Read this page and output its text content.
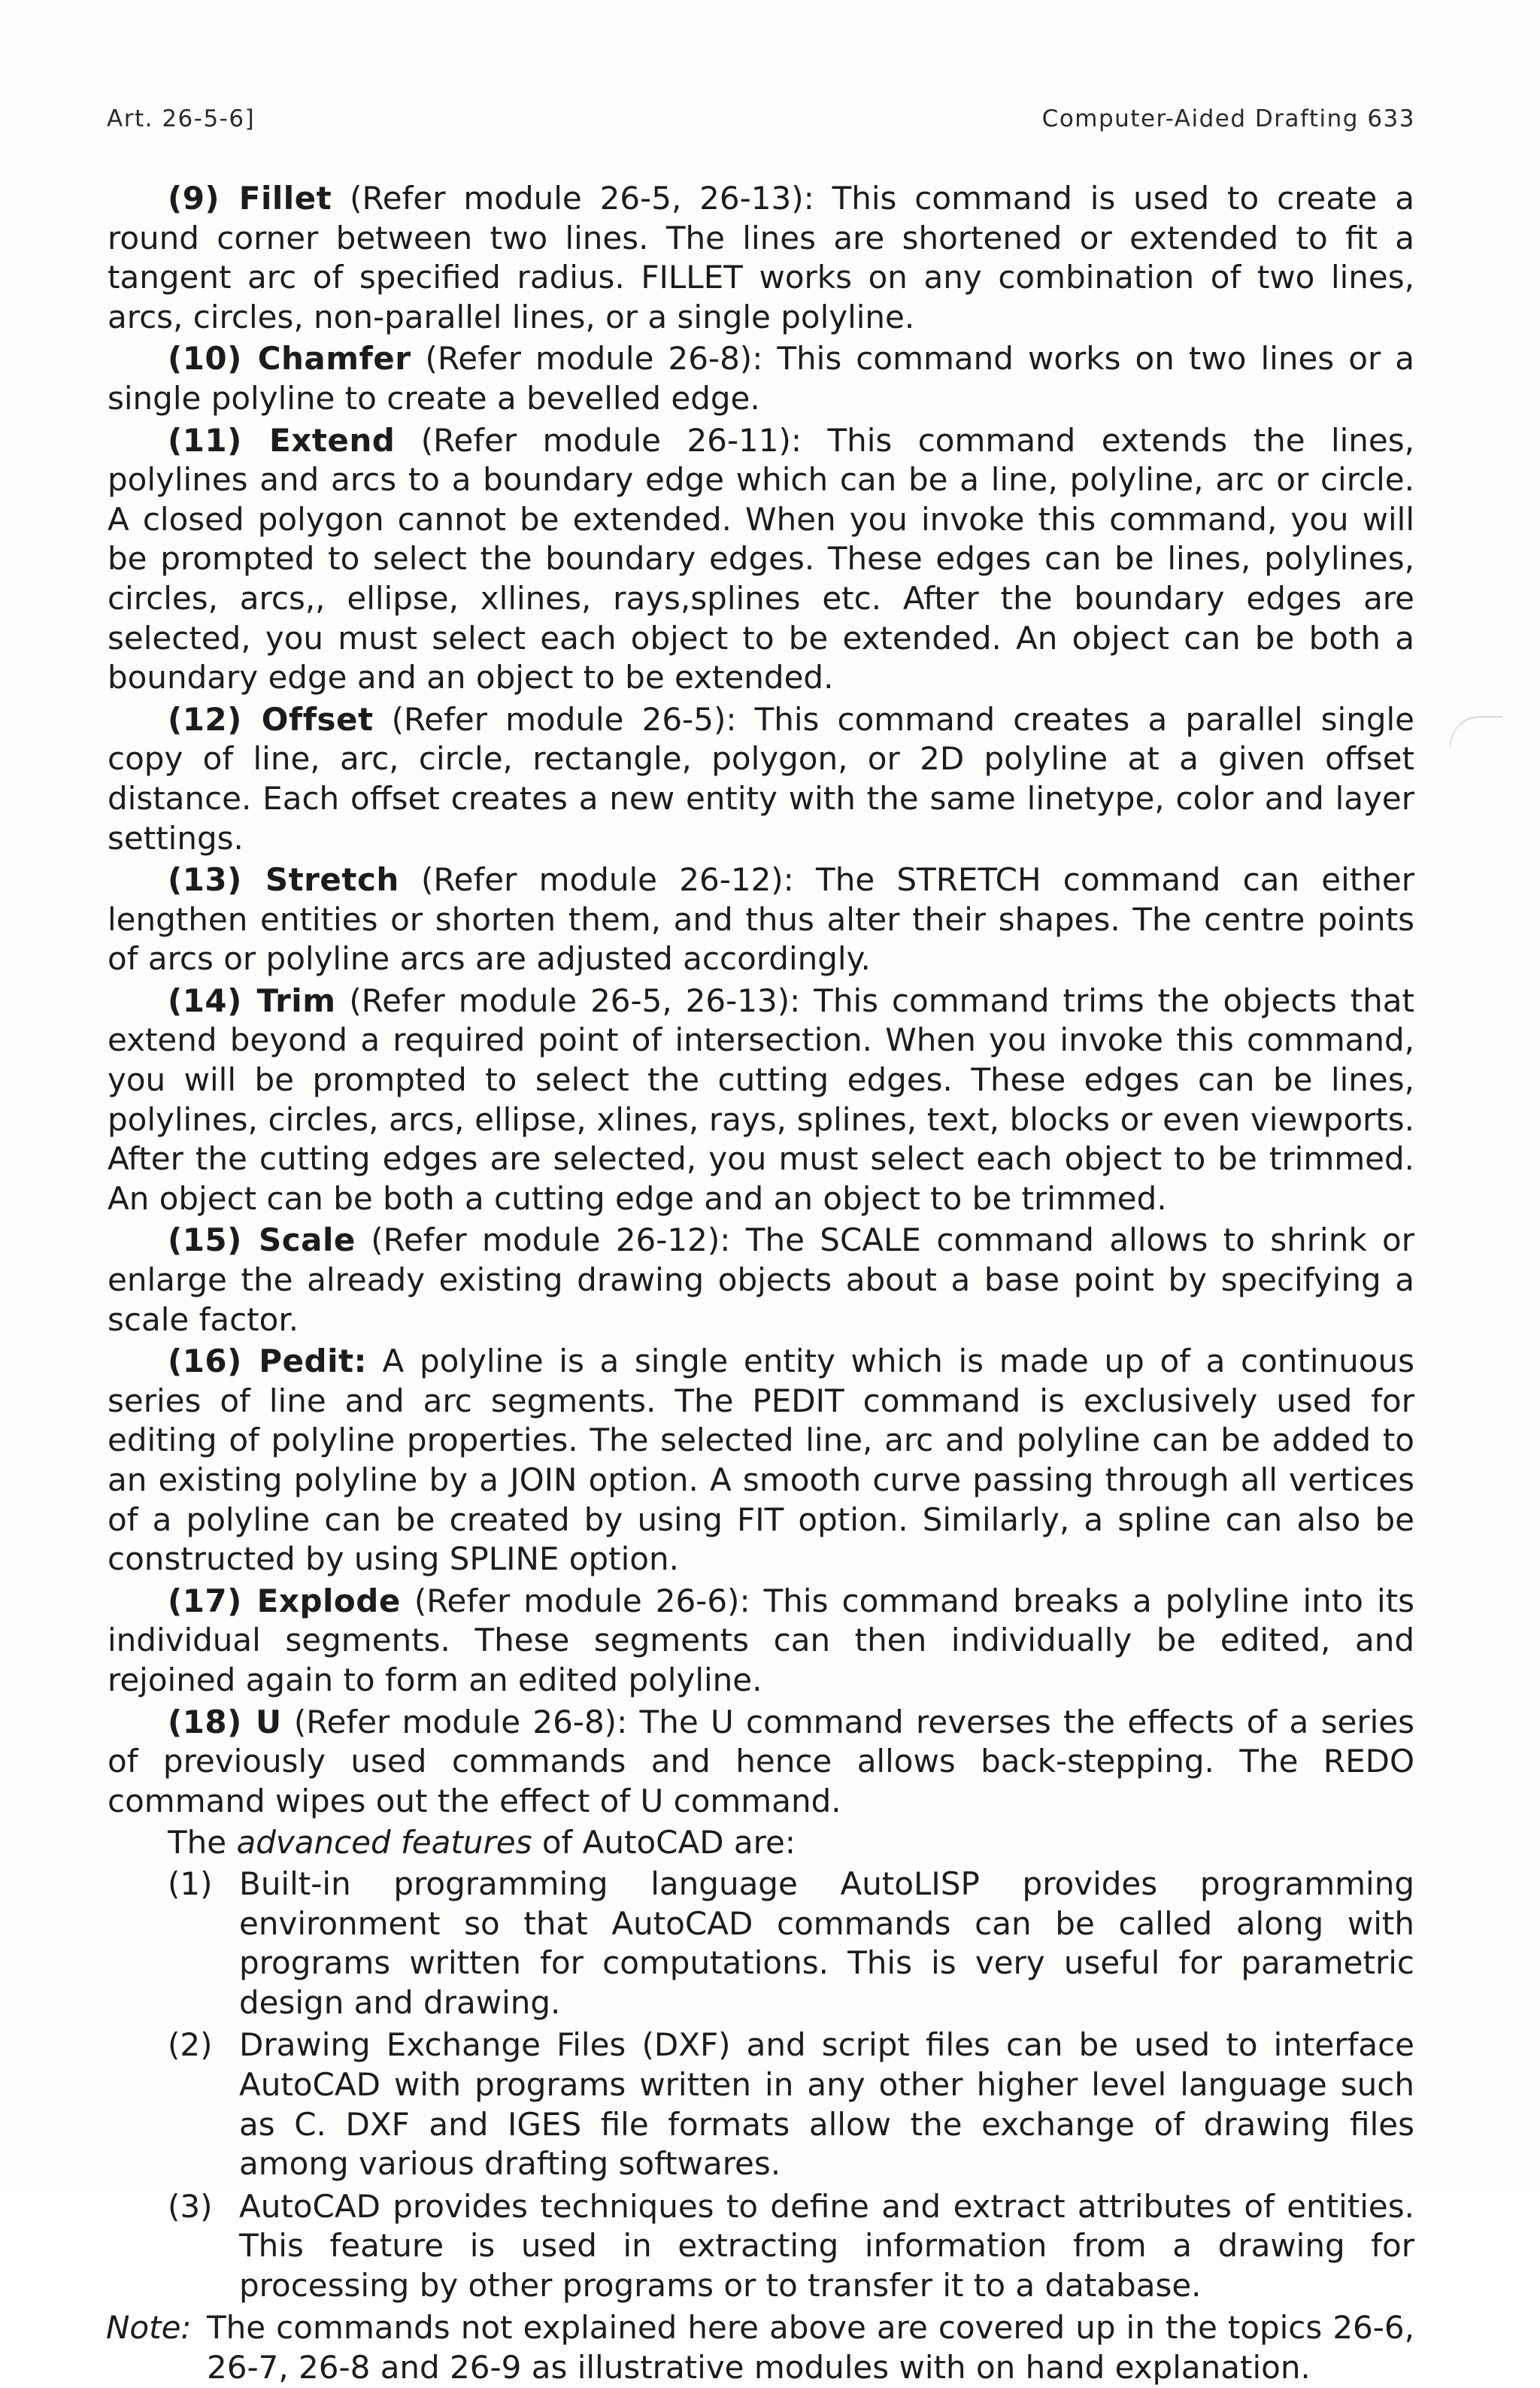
Art. 26-5-6]	Computer-Aided Drafting 633

(9) Fillet (Refer module 26-5, 26-13): This command is used to create a round corner between two lines. The lines are shortened or extended to fit a tangent arc of specified radius. FILLET works on any combination of two lines, arcs, circles, non-parallel lines, or a single polyline.

(10) Chamfer (Refer module 26-8): This command works on two lines or a single polyline to create a bevelled edge.

(11) Extend (Refer module 26-11): This command extends the lines, polylines and arcs to a boundary edge which can be a line, polyline, arc or circle. A closed polygon cannot be extended. When you invoke this command, you will be prompted to select the boundary edges. These edges can be lines, polylines, circles, arcs,, ellipse, xllines, rays,splines etc. After the boundary edges are selected, you must select each object to be extended. An object can be both a boundary edge and an object to be extended.

(12) Offset (Refer module 26-5): This command creates a parallel single copy of line, arc, circle, rectangle, polygon, or 2D polyline at a given offset distance. Each offset creates a new entity with the same linetype, color and layer settings.

(13) Stretch (Refer module 26-12): The STRETCH command can either lengthen entities or shorten them, and thus alter their shapes. The centre points of arcs or polyline arcs are adjusted accordingly.

(14) Trim (Refer module 26-5, 26-13): This command trims the objects that extend beyond a required point of intersection. When you invoke this command, you will be prompted to select the cutting edges. These edges can be lines, polylines, circles, arcs, ellipse, xlines, rays, splines, text, blocks or even viewports. After the cutting edges are selected, you must select each object to be trimmed. An object can be both a cutting edge and an object to be trimmed.

(15) Scale (Refer module 26-12): The SCALE command allows to shrink or enlarge the already existing drawing objects about a base point by specifying a scale factor.

(16) Pedit: A polyline is a single entity which is made up of a continuous series of line and arc segments. The PEDIT command is exclusively used for editing of polyline properties. The selected line, arc and polyline can be added to an existing polyline by a JOIN option. A smooth curve passing through all vertices of a polyline can be created by using FIT option. Similarly, a spline can also be constructed by using SPLINE option.

(17) Explode (Refer module 26-6): This command breaks a polyline into its individual segments. These segments can then individually be edited, and rejoined again to form an edited polyline.

(18) U (Refer module 26-8): The U command reverses the effects of a series of previously used commands and hence allows back-stepping. The REDO command wipes out the effect of U command.

The advanced features of AutoCAD are:

(1) Built-in programming language AutoLISP provides programming environment so that AutoCAD commands can be called along with programs written for computations. This is very useful for parametric design and drawing.
(2) Drawing Exchange Files (DXF) and script files can be used to interface AutoCAD with programs written in any other higher level language such as C. DXF and IGES file formats allow the exchange of drawing files among various drafting softwares.
(3) AutoCAD provides techniques to define and extract attributes of entities. This feature is used in extracting information from a drawing for processing by other programs or to transfer it to a database.
Note: The commands not explained here above are covered up in the topics 26-6, 26-7, 26-8 and 26-9 as illustrative modules with on hand explanation.
